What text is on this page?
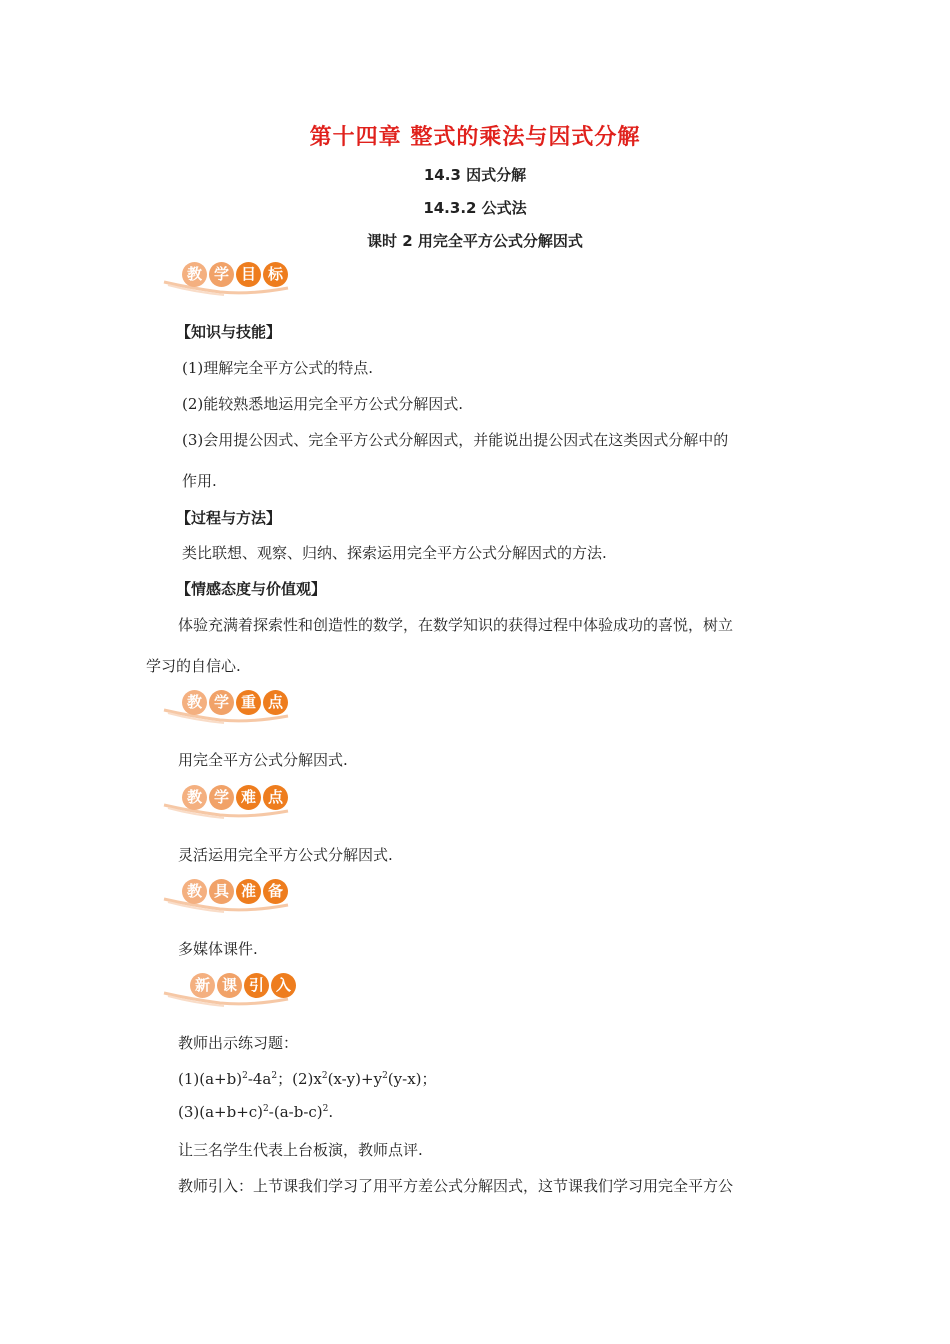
第十四章 整式的乘法与因式分解
14.3 因式分解
14.3.2 公式法
课时 2 用完全平方公式分解因式
教 学 目 标
【知识与技能】
(1)理解完全平方公式的特点.
(2)能较熟悉地运用完全平方公式分解因式.
(3)会用提公因式、完全平方公式分解因式，并能说出提公因式在这类因式分解中的
作用.
【过程与方法】
类比联想、观察、归纳、探索运用完全平方公式分解因式的方法.
【情感态度与价值观】
体验充满着探索性和创造性的数学，在数学知识的获得过程中体验成功的喜悦，树立
学习的自信心.
教 学 重 点
用完全平方公式分解因式.
教 学 难 点
灵活运用完全平方公式分解因式.
教 具 准 备
多媒体课件.
新 课 引 入
教师出示练习题：
$(1)(a+b)^2-4a^2$；$(2)x^2(x-y)+y^2(y-x)$；
$(3)(a+b+c)^2-(a-b-c)^2$.
让三名学生代表上台板演，教师点评.
教师引入：上节课我们学习了用平方差公式分解因式，这节课我们学习用完全平方公
